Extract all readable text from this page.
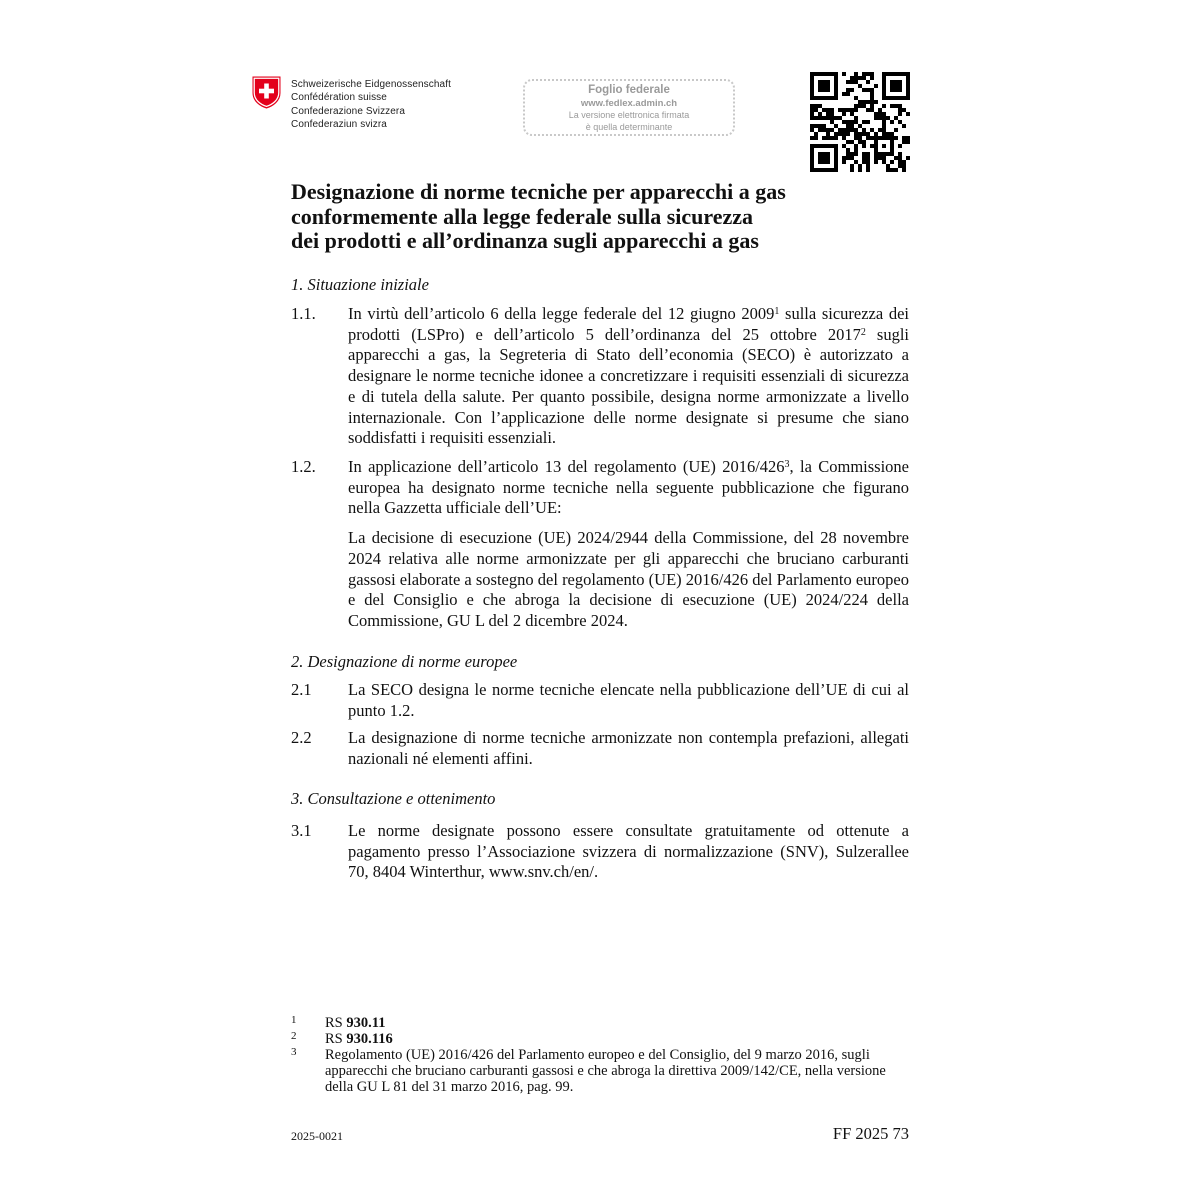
Schweizerische Eidgenossenschaft
Confédération suisse
Confederazione Svizzera
Confederaziun svizra
Foglio federale
www.fedlex.admin.ch
La versione elettronica firmata
è quella determinante
Designazione di norme tecniche per apparecchi a gas
conformemente alla legge federale sulla sicurezza
dei prodotti e all’ordinanza sugli apparecchi a gas
1. Situazione iniziale
1.1. In virtù dell’articolo 6 della legge federale del 12 giugno 2009$^1$ sulla sicurezza dei prodotti (LSPro) e dell’articolo 5 dell’ordinanza del 25 ottobre 2017$^2$ sugli apparecchi a gas, la Segreteria di Stato dell’economia (SECO) è autorizzato a designare le norme tecniche idonee a concretizzare i requisiti essenziali di sicurezza e di tutela della salute. Per quanto possibile, designa norme armonizzate a livello internazionale. Con l’applicazione delle norme designate si presume che siano soddisfatti i requisiti essenziali.
1.2. In applicazione dell’articolo 13 del regolamento (UE) $2016/426^3$, la Commissione europea ha designato norme tecniche nella seguente pubblicazione che figurano nella Gazzetta ufficiale dell’UE:
La decisione di esecuzione (UE) 2024/2944 della Commissione, del 28 novembre 2024 relativa alle norme armonizzate per gli apparecchi che bruciano carburanti gassosi elaborate a sostegno del regolamento (UE) 2016/426 del Parlamento europeo e del Consiglio e che abroga la decisione di esecuzione (UE) 2024/224 della Commissione, GU L del 2 dicembre 2024.
2. Designazione di norme europee
2.1 La SECO designa le norme tecniche elencate nella pubblicazione dell’UE di cui al punto 1.2.
2.2 La designazione di norme tecniche armonizzate non contempla prefazioni, allegati nazionali né elementi affini.
3. Consultazione e ottenimento
3.1 Le norme designate possono essere consultate gratuitamente od ottenute a pagamento presso l’Associazione svizzera di normalizzazione (SNV), Sulzerallee 70, 8404 Winterthur, www.snv.ch/en/.
1 RS 930.11
2 RS 930.116
3 Regolamento (UE) 2016/426 del Parlamento europeo e del Consiglio, del 9 marzo 2016, sugli apparecchi che bruciano carburanti gassosi e che abroga la direttiva 2009/142/CE, nella versione della GU L 81 del 31 marzo 2016, pag. 99.
2025-0021	FF 2025 73
